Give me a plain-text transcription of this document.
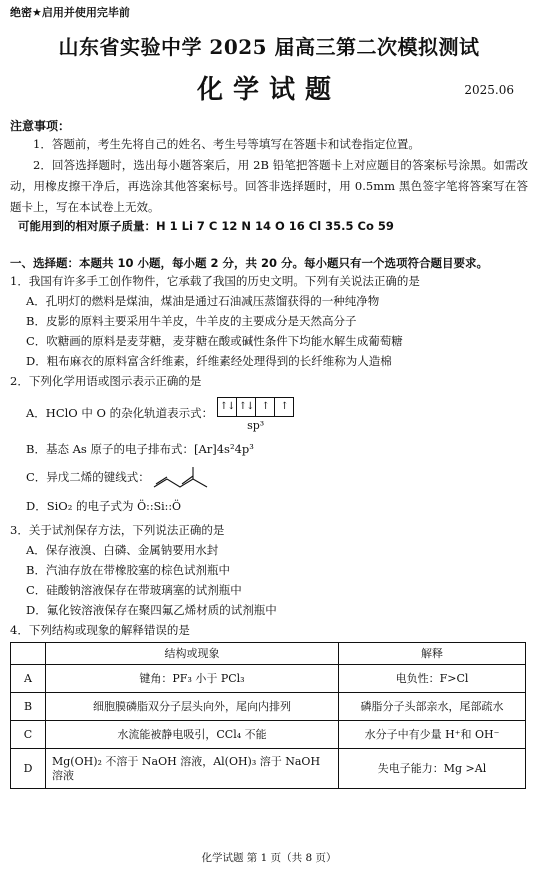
绝密★启用并使用完毕前
山东省实验中学 2025 届高三第二次模拟测试
化学试题	2025.06
注意事项：
1．答题前，考生先将自己的姓名、考生号等填写在答题卡和试卷指定位置。
2．回答选择题时，选出每小题答案后，用 2B 铅笔把答题卡上对应题目的答案标号涂黑。如需改动，用橡皮擦干净后，再选涂其他答案标号。回答非选择题时，用 0.5mm 黑色签字笔将答案写在答题卡上，写在本试卷上无效。
可能用到的相对原子质量：H 1 Li 7 C 12 N 14 O 16 Cl 35.5 Co 59
一、选择题：本题共 10 小题，每小题 2 分，共 20 分。每小题只有一个选项符合题目要求。
1．我国有许多手工创作物件，它承载了我国的历史文明。下列有关说法正确的是
A．孔明灯的燃料是煤油，煤油是通过石油减压蒸馏获得的一种纯净物
B．皮影的原料主要采用牛羊皮，牛羊皮的主要成分是天然高分子
C．吹糖画的原料是麦芽糖，麦芽糖在酸或碱性条件下均能水解生成葡萄糖
D．粗布麻衣的原料富含纤维素，纤维素经处理得到的长纤维称为人造棉
2．下列化学用语或图示表示正确的是
A．HClO 中 O 的杂化轨道表示式：
↑↓ ↑↓ ↑	↑
sp³
B．基态 As 原子的电子排布式：[Ar]4s²4p³
C．异戊二烯的键线式：
D．SiO₂ 的电子式为 Ö::Si::Ö
3．关于试剂保存方法，下列说法正确的是
A．保存液溴、白磷、金属钠要用水封
B．汽油存放在带橡胶塞的棕色试剂瓶中
C．硅酸钠溶液保存在带玻璃塞的试剂瓶中
D．氟化铵溶液保存在聚四氟乙烯材质的试剂瓶中
4．下列结构或现象的解释错误的是
	结构或现象	解释
A	键角：PF₃ 小于 PCl₃	电负性：F>Cl
B	细胞膜磷脂双分子层头向外，尾向内排列	磷脂分子头部亲水，尾部疏水
C	水流能被静电吸引，CCl₄ 不能	水分子中有少量 H⁺和 OH⁻
D	Mg(OH)₂ 不溶于 NaOH 溶液，Al(OH)₃ 溶于 NaOH 溶液	失电子能力：Mg >Al
化学试题 第 1 页（共 8 页）
